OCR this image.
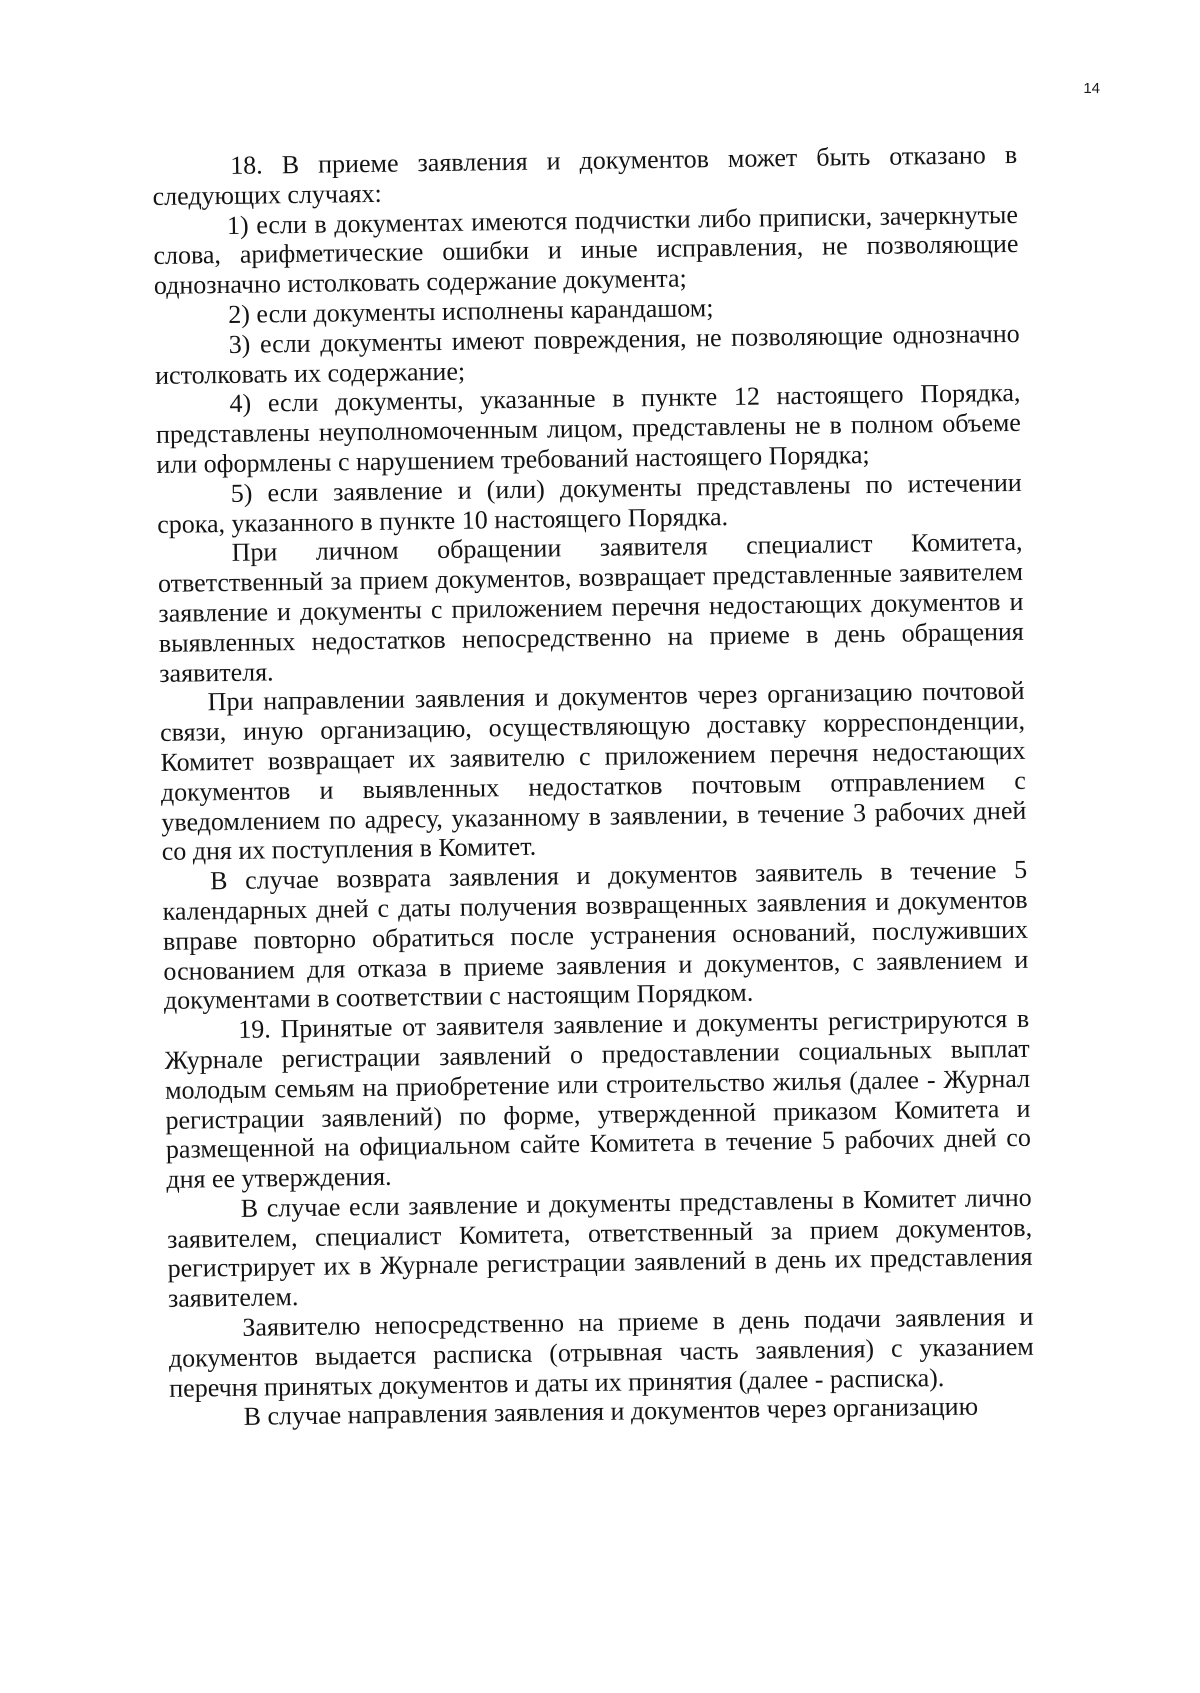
14

18. В приеме заявления и документов может быть отказано в следующих случаях:

1) если в документах имеются подчистки либо приписки, зачеркнутые слова, арифметические ошибки и иные исправления, не позволяющие однозначно истолковать содержание документа;

2) если документы исполнены карандашом;

3) если документы имеют повреждения, не позволяющие однозначно истолковать их содержание;

4) если документы, указанные в пункте 12 настоящего Порядка, представлены неуполномоченным лицом, представлены не в полном объеме или оформлены с нарушением требований настоящего Порядка;

5) если заявление и (или) документы представлены по истечении срока, указанного в пункте 10 настоящего Порядка.

При личном обращении заявителя специалист Комитета, ответственный за прием документов, возвращает представленные заявителем заявление и документы с приложением перечня недостающих документов и выявленных недостатков непосредственно на приеме в день обращения заявителя.

При направлении заявления и документов через организацию почтовой связи, иную организацию, осуществляющую доставку корреспонденции, Комитет возвращает их заявителю с приложением перечня недостающих документов и выявленных недостатков почтовым отправлением с уведомлением по адресу, указанному в заявлении, в течение 3 рабочих дней со дня их поступления в Комитет.

В случае возврата заявления и документов заявитель в течение 5 календарных дней с даты получения возвращенных заявления и документов вправе повторно обратиться после устранения оснований, послуживших основанием для отказа в приеме заявления и документов, с заявлением и документами в соответствии с настоящим Порядком.

19. Принятые от заявителя заявление и документы регистрируются в Журнале регистрации заявлений о предоставлении социальных выплат молодым семьям на приобретение или строительство жилья (далее - Журнал регистрации заявлений) по форме, утвержденной приказом Комитета и размещенной на официальном сайте Комитета в течение 5 рабочих дней со дня ее утверждения.

В случае если заявление и документы представлены в Комитет лично заявителем, специалист Комитета, ответственный за прием документов, регистрирует их в Журнале регистрации заявлений в день их представления заявителем.

Заявителю непосредственно на приеме в день подачи заявления и документов выдается расписка (отрывная часть заявления) с указанием перечня принятых документов и даты их принятия (далее - расписка).

В случае направления заявления и документов через организацию
